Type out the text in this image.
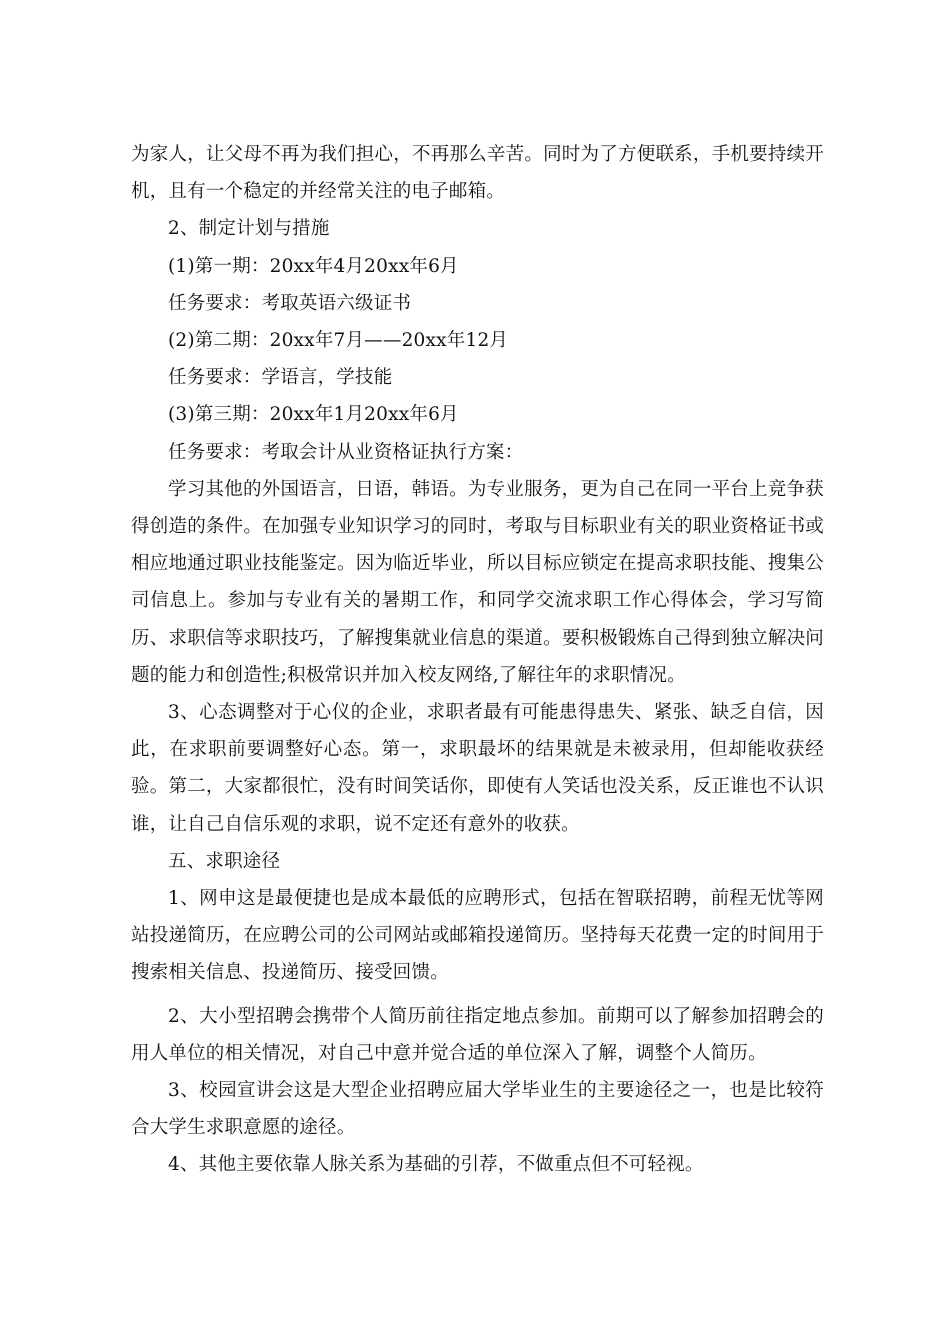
为家人，让父母不再为我们担心，不再那么辛苦。同时为了方便联系，手机要持续开机，且有一个稳定的并经常关注的电子邮箱。

2、制定计划与措施

(1)第一期：20xx年4月20xx年6月

任务要求：考取英语六级证书

(2)第二期：20xx年7月——20xx年12月

任务要求：学语言，学技能

(3)第三期：20xx年1月20xx年6月

任务要求：考取会计从业资格证执行方案：

学习其他的外国语言，日语，韩语。为专业服务，更为自己在同一平台上竞争获得创造的条件。在加强专业知识学习的同时，考取与目标职业有关的职业资格证书或相应地通过职业技能鉴定。因为临近毕业，所以目标应锁定在提高求职技能、搜集公司信息上。参加与专业有关的暑期工作，和同学交流求职工作心得体会，学习写简历、求职信等求职技巧，了解搜集就业信息的渠道。要积极锻炼自己得到独立解决问题的能力和创造性;积极常识并加入校友网络,了解往年的求职情况。

3、心态调整对于心仪的企业，求职者最有可能患得患失、紧张、缺乏自信，因此，在求职前要调整好心态。第一，求职最坏的结果就是未被录用，但却能收获经验。第二，大家都很忙，没有时间笑话你，即使有人笑话也没关系，反正谁也不认识谁，让自己自信乐观的求职，说不定还有意外的收获。

五、求职途径

1、网申这是最便捷也是成本最低的应聘形式，包括在智联招聘，前程无忧等网站投递简历，在应聘公司的公司网站或邮箱投递简历。坚持每天花费一定的时间用于搜索相关信息、投递简历、接受回馈。

2、大小型招聘会携带个人简历前往指定地点参加。前期可以了解参加招聘会的用人单位的相关情况，对自己中意并觉合适的单位深入了解，调整个人简历。

3、校园宣讲会这是大型企业招聘应届大学毕业生的主要途径之一，也是比较符合大学生求职意愿的途径。

4、其他主要依靠人脉关系为基础的引荐，不做重点但不可轻视。
